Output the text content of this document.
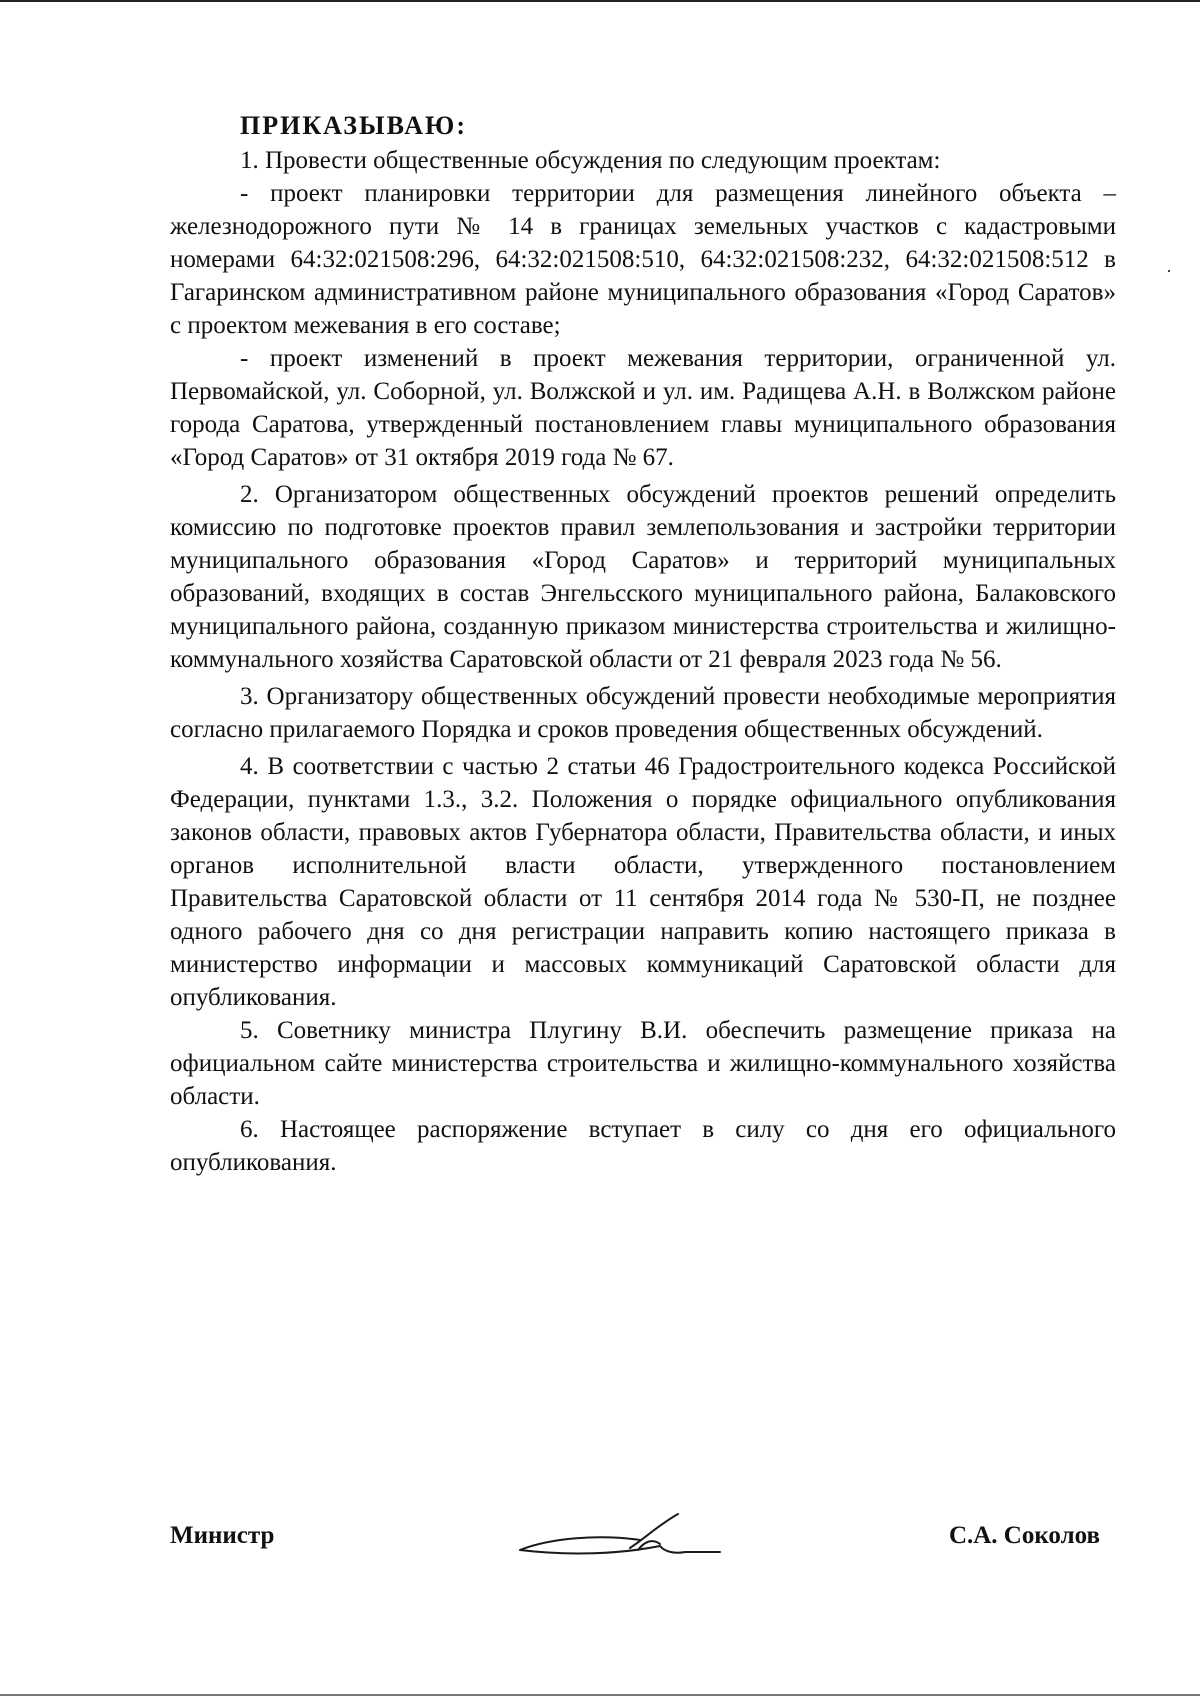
ПРИКАЗЫВАЮ:

1. Провести общественные обсуждения по следующим проектам:

- проект планировки территории для размещения линейного объекта – железнодорожного пути № 14 в границах земельных участков с кадастровыми номерами 64:32:021508:296, 64:32:021508:510, 64:32:021508:232, 64:32:021508:512 в Гагаринском административном районе муниципального образования «Город Саратов» с проектом межевания в его составе;

- проект изменений в проект межевания территории, ограниченной ул. Первомайской, ул. Соборной, ул. Волжской и ул. им. Радищева А.Н. в Волжском районе города Саратова, утвержденный постановлением главы муниципального образования «Город Саратов» от 31 октября 2019 года № 67.

2. Организатором общественных обсуждений проектов решений определить комиссию по подготовке проектов правил землепользования и застройки территории муниципального образования «Город Саратов» и территорий муниципальных образований, входящих в состав Энгельсского муниципального района, Балаковского муниципального района, созданную приказом министерства строительства и жилищно-коммунального хозяйства Саратовской области от 21 февраля 2023 года № 56.

3. Организатору общественных обсуждений провести необходимые мероприятия согласно прилагаемого Порядка и сроков проведения общественных обсуждений.

4. В соответствии с частью 2 статьи 46 Градостроительного кодекса Российской Федерации, пунктами 1.3., 3.2. Положения о порядке официального опубликования законов области, правовых актов Губернатора области, Правительства области, и иных органов исполнительной власти области, утвержденного постановлением Правительства Саратовской области от 11 сентября 2014 года № 530-П, не позднее одного рабочего дня со дня регистрации направить копию настоящего приказа в министерство информации и массовых коммуникаций Саратовской области для опубликования.

5. Советнику министра Плугину В.И. обеспечить размещение приказа на официальном сайте министерства строительства и жилищно-коммунального хозяйства области.

6. Настоящее распоряжение вступает в силу со дня его официального опубликования.

Министр	С.А. Соколов
